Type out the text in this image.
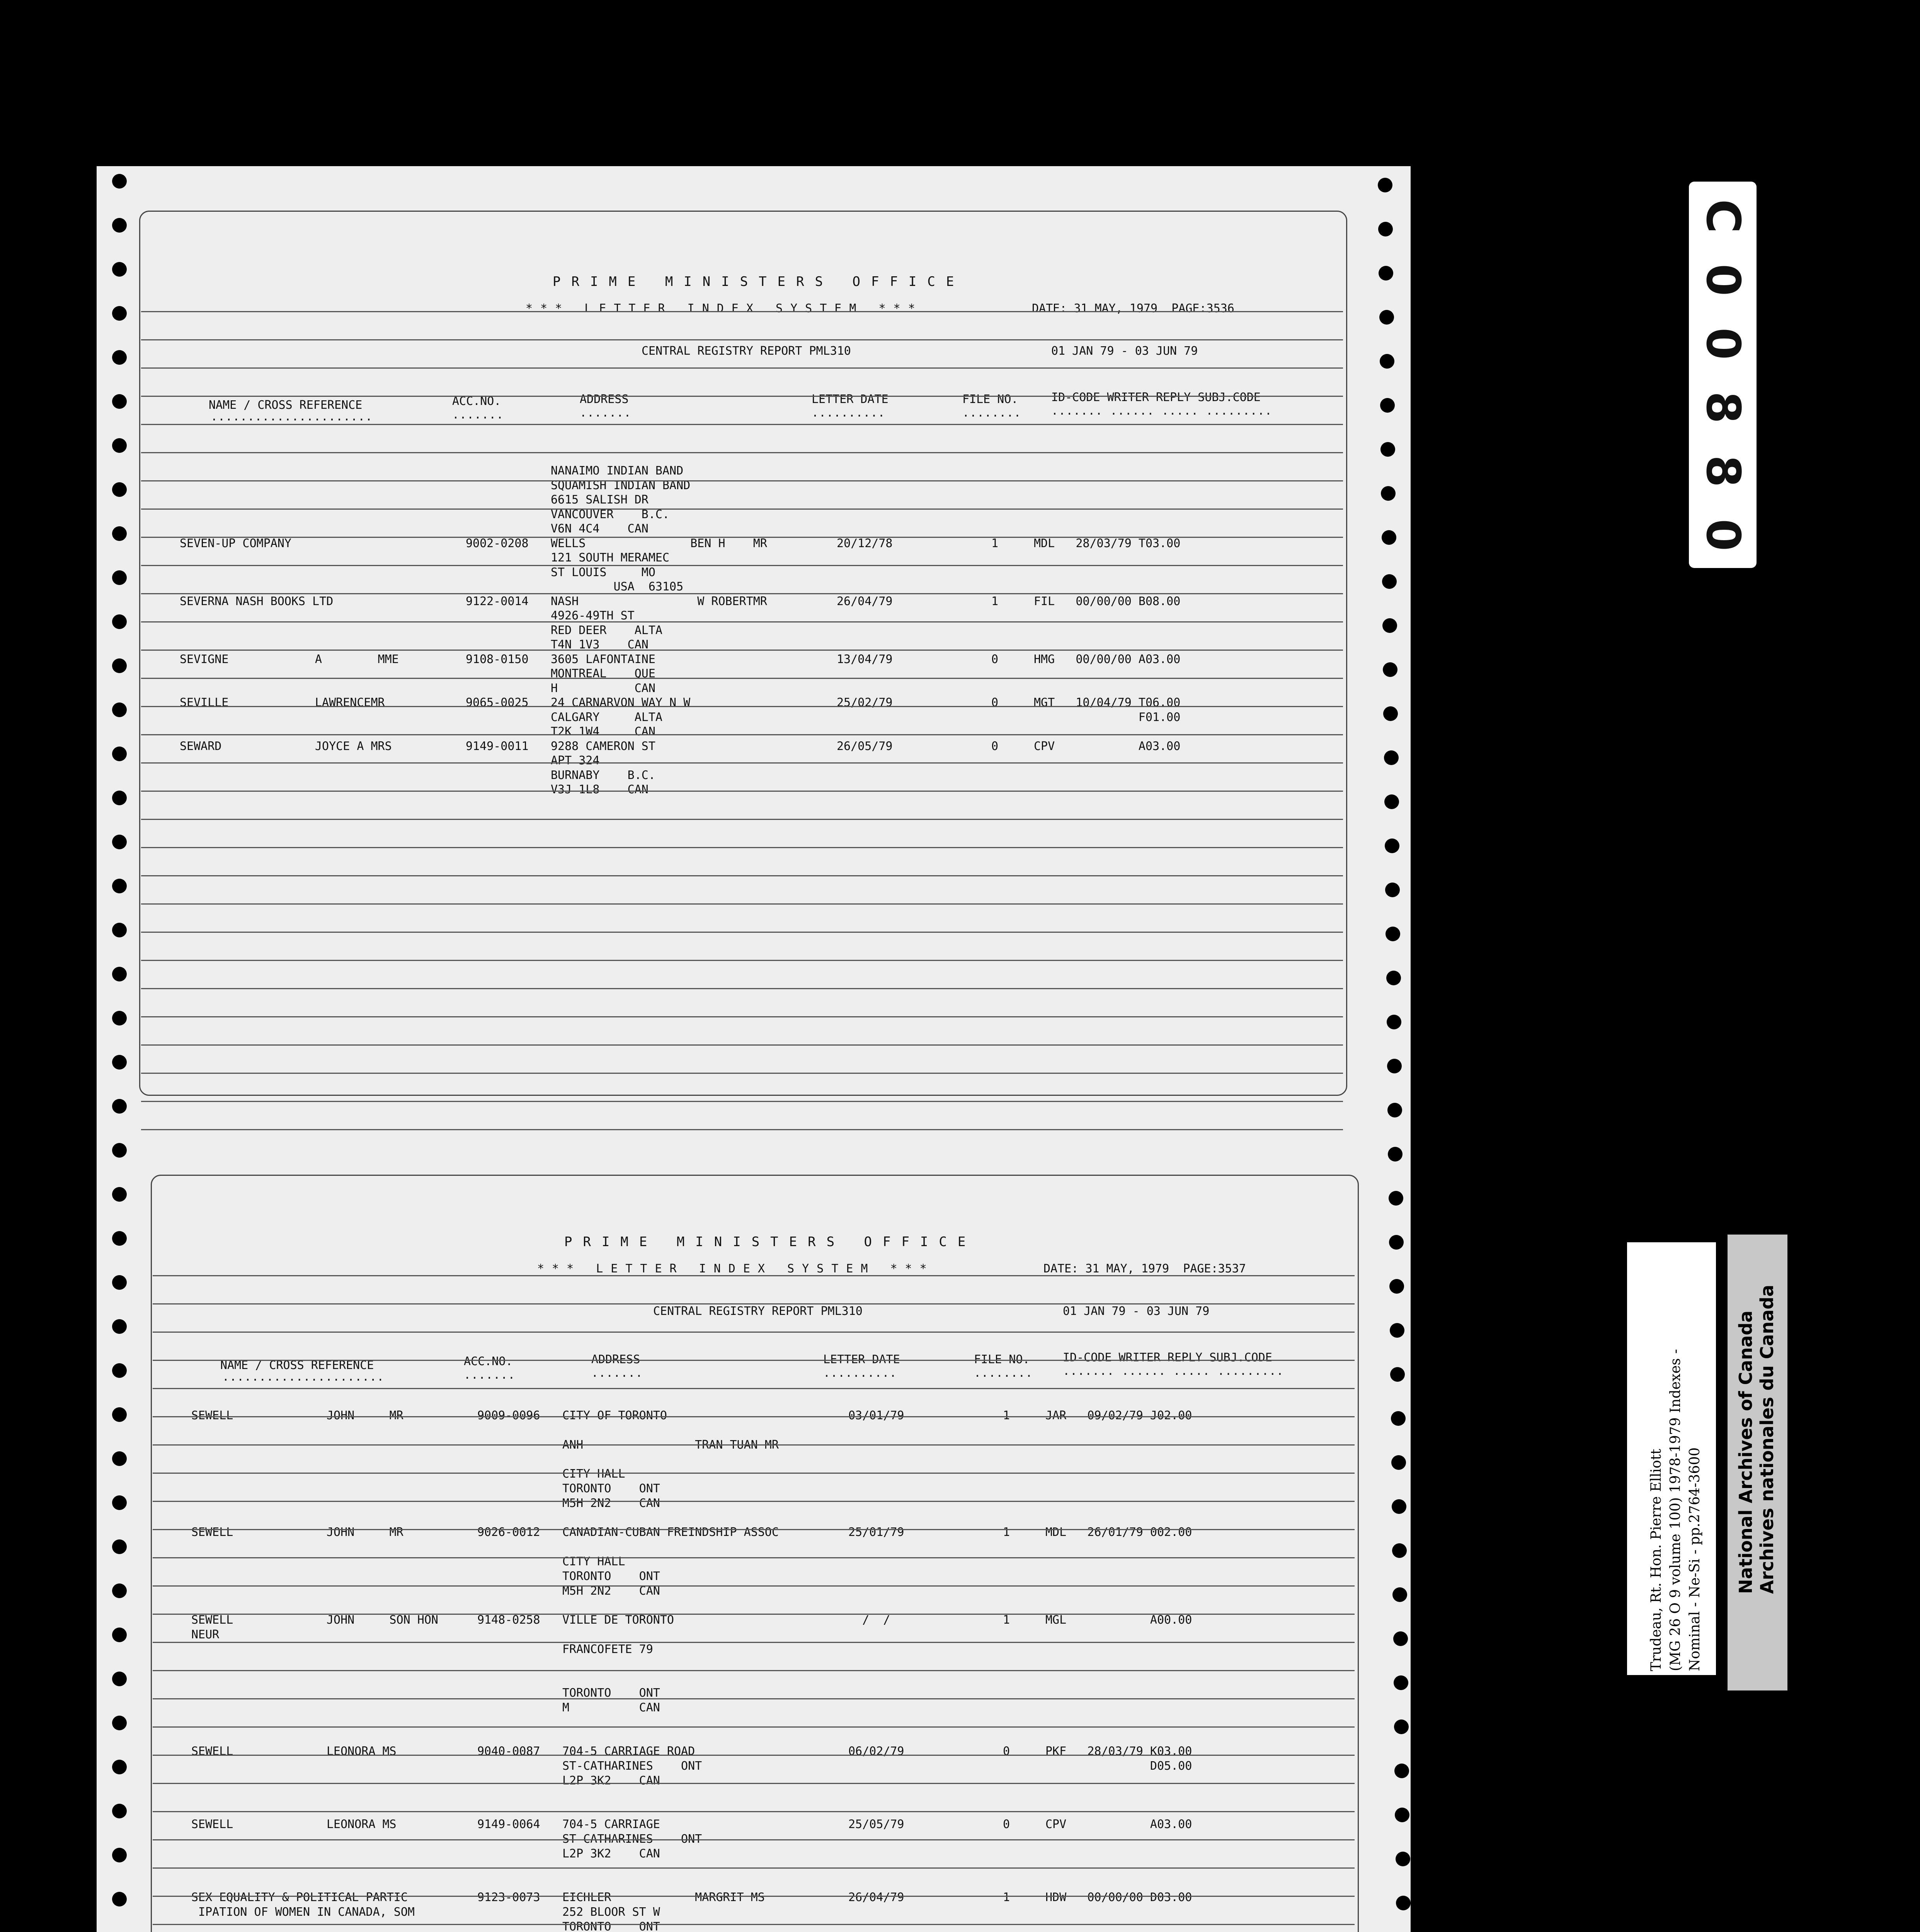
PRIME MINISTERS OFFICE
*** LETTER INDEX SYSTEM ***	DATE: 31 MAY, 1979  PAGE:3536
CENTRAL REGISTRY REPORT PML310	01 JAN 79 - 03 JUN 79
NAME / CROSS REFERENCE	ACC.NO.	ADDRESS	LETTER DATE	FILE NO.	ID-CODE WRITER REPLY SUBJ.CODE
......................	.......	.......	..........	........	....... ...... ..... .........
NANAIMO INDIAN BAND
SQUAMISH INDIAN BAND
6615 SALISH DR
VANCOUVER    B.C.
V6N 4C4    CAN
SEVEN-UP COMPANY	9002-0208 WELLS               BEN H    MR	20/12/78	1	MDL   28/03/79 T03.00
121 SOUTH MERAMEC
ST LOUIS     MO
USA  63105
SEVERNA NASH BOOKS LTD	9122-0014 NASH                 W ROBERTMR	26/04/79	1	FIL   00/00/00 B08.00
4926-49TH ST
RED DEER    ALTA
T4N 1V3    CAN
SEVIGNE	A        MME	9108-0150 3605 LAFONTAINE	13/04/79	0	HMG   00/00/00 A03.00
MONTREAL    QUE
H           CAN
SEVILLE	LAWRENCEMR	9065-0025 24 CARNARVON WAY N W	25/02/79	0	MGT   10/04/79 T06.00
CALGARY     ALTA	F01.00
T2K 1W4     CAN
SEWARD	JOYCE A MRS	9149-0011 9288 CAMERON ST	26/05/79	0	CPV            A03.00
APT 324
BURNABY    B.C.
V3J 1L8    CAN
PRIME MINISTERS OFFICE
*** LETTER INDEX SYSTEM ***	DATE: 31 MAY, 1979  PAGE:3537
CENTRAL REGISTRY REPORT PML310	01 JAN 79 - 03 JUN 79
NAME / CROSS REFERENCE	ACC.NO.	ADDRESS	LETTER DATE	FILE NO.	ID-CODE WRITER REPLY SUBJ.CODE
......................	.......	.......	..........	........	....... ...... ..... .........
SEWELL	JOHN     MR	9009-0096 CITY OF TORONTO	03/01/79	1	JAR   09/02/79 J02.00
ANH                TRAN TUAN MR
CITY HALL
TORONTO    ONT
M5H 2N2    CAN
SEWELL	JOHN     MR	9026-0012 CANADIAN-CUBAN FREINDSHIP ASSOC	25/01/79	1	MDL   26/01/79 002.00
CITY HALL
TORONTO    ONT
M5H 2N2    CAN
SEWELL	JOHN     SON HON	9148-0258 VILLE DE TORONTO	/  /	1	MGL            A00.00
NEUR
FRANCOFETE 79
TORONTO    ONT
M          CAN
SEWELL	LEONORA MS	9040-0087 704-5 CARRIAGE ROAD	06/02/79	0	PKF   28/03/79 K03.00
ST-CATHARINES    ONT	D05.00
L2P 3K2    CAN
SEWELL	LEONORA MS	9149-0064 704-5 CARRIAGE	25/05/79	0	CPV            A03.00
ST CATHARINES    ONT
L2P 3K2    CAN
SEX EQUALITY & POLITICAL PARTIC	9123-0073 EICHLER            MARGRIT MS	26/04/79	1	HDW   00/00/00 D03.00
IPATION OF WOMEN IN CANADA, SOM	252 BLOOR ST W
TORONTO    ONT
C
0
0
8
8
0
Trudeau, Rt. Hon. Pierre Elliott (MG 26 O 9 volume 100) 1978-1979 Indexes - Nominal - Ne-Si - pp.2764-3600 National Archives of Canada Archives nationales du Canada
